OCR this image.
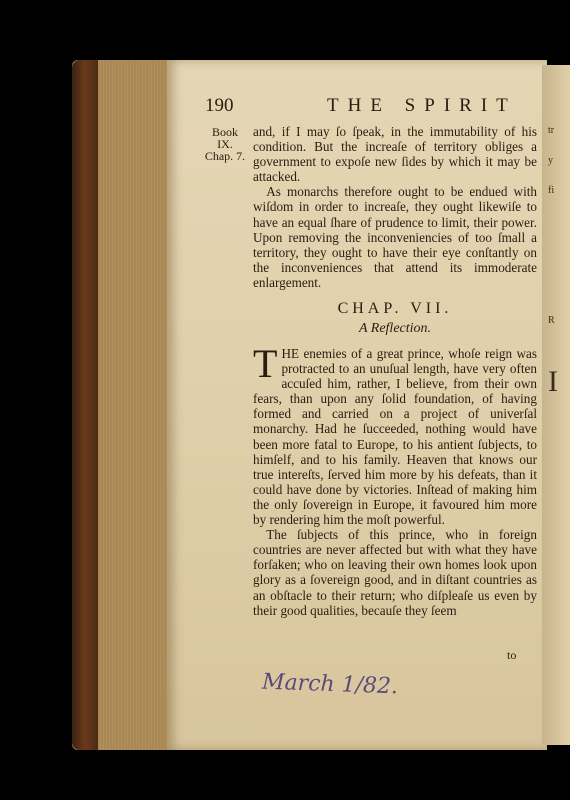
190	THE SPIRIT
Book
IX.
Chap. 7.

and, if I may ſo ſpeak, in the immutability of his condition. But the increaſe of territory obliges a government to expoſe new ſides by which it may be attacked.

As monarchs therefore ought to be endued with wiſdom in order to increaſe, they ought likewiſe to have an equal ſhare of prudence to limit, their power. Upon removing the inconveniencies of too ſmall a territory, they ought to have their eye conſtantly on the inconveniences that attend its immoderate enlargement.

CHAP. VII.
A Reflection.

THE enemies of a great prince, whoſe reign was protracted to an unuſual length, have very often accuſed him, rather, I believe, from their own fears, than upon any ſolid foundation, of having formed and carried on a project of univerſal monarchy. Had he ſucceeded, nothing would have been more fatal to Europe, to his antient ſubjects, to himſelf, and to his family. Heaven that knows our true intereſts, ſerved him more by his defeats, than it could have done by victories. Inſtead of making him the only ſovereign in Europe, it favoured him more by rendering him the moſt powerful.

The ſubjects of this prince, who in foreign countries are never affected but with what they have forſaken; who on leaving their own homes look upon glory as a ſovereign good, and in diſtant countries as an obſtacle to their return; who diſpleaſe us even by their good qualities, becauſe they ſeem

to
March 1/82.
tr
y
fi
R
I
